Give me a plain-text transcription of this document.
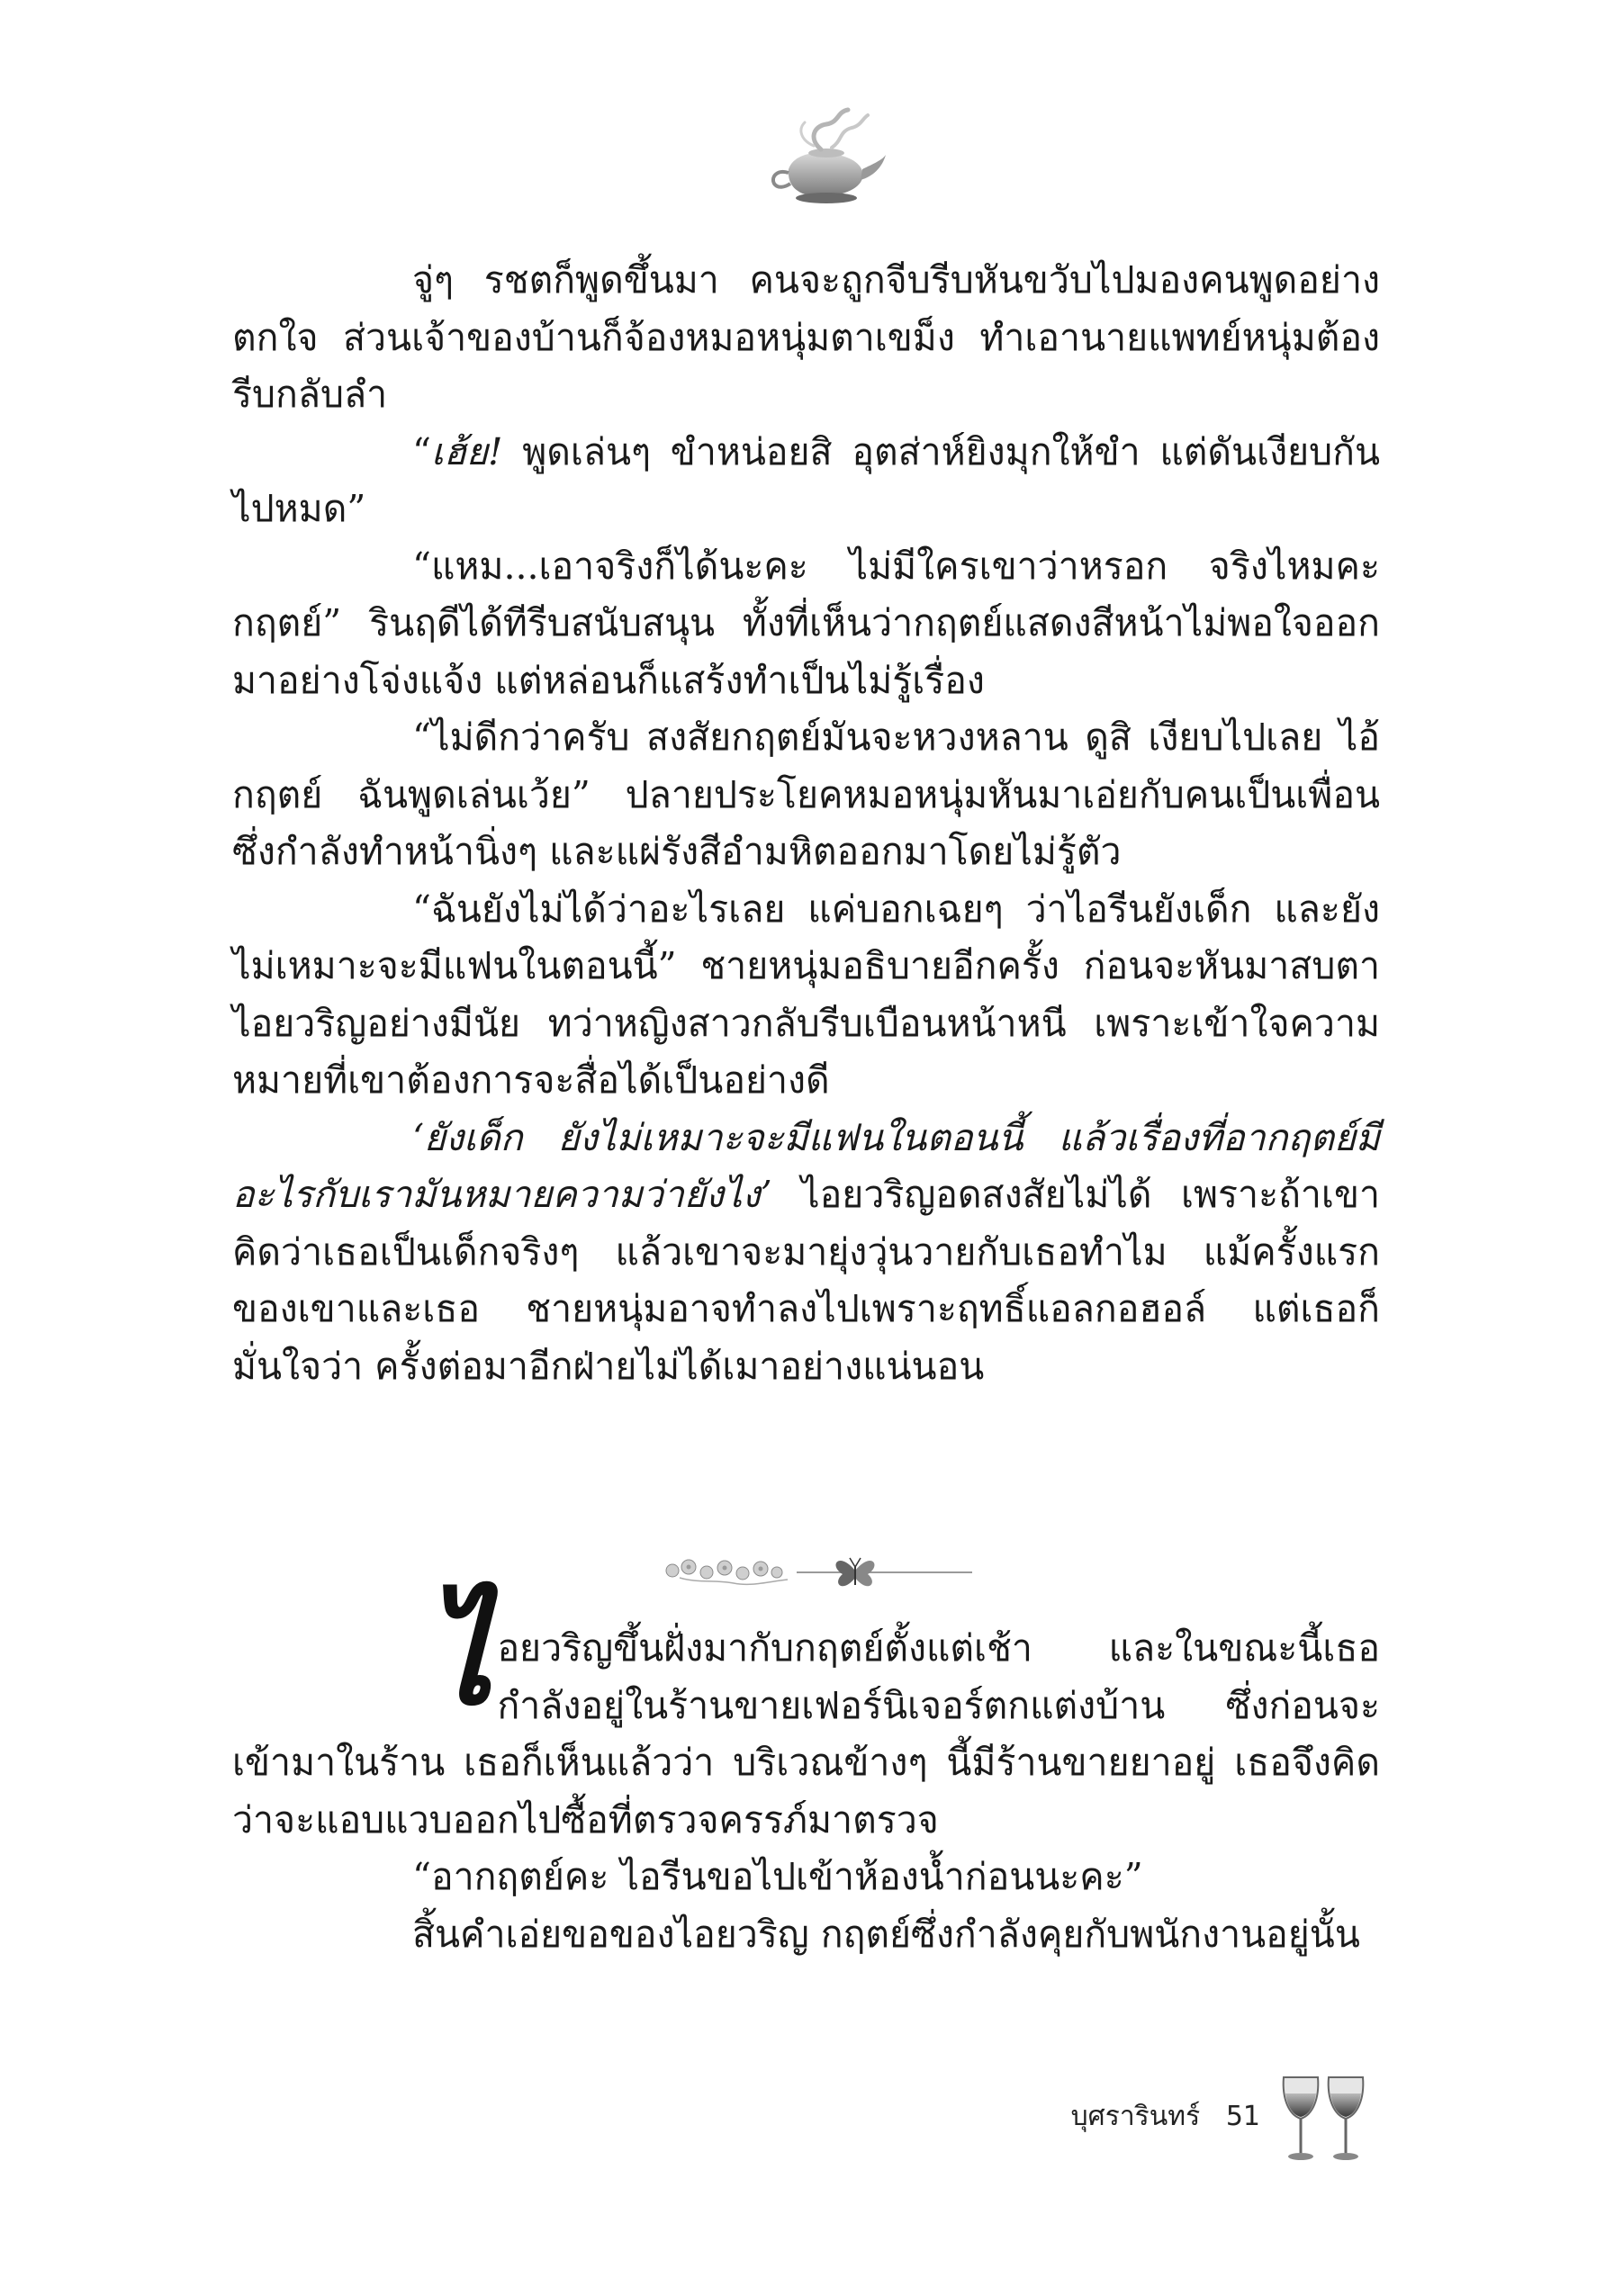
จู่ๆ รชตก็พูดขึ้นมา คนจะถูกจีบรีบหันขวับไปมองคนพูดอย่างตกใจ ส่วนเจ้าของบ้านก็จ้องหมอหนุ่มตาเขม็ง ทำเอานายแพทย์หนุ่มต้องรีบกลับลำ

“เฮ้ย! พูดเล่นๆ ขำหน่อยสิ อุตส่าห์ยิงมุกให้ขำ แต่ดันเงียบกันไปหมด”

“แหม...เอาจริงก็ได้นะคะ ไม่มีใครเขาว่าหรอก จริงไหมคะกฤตย์” รินฤดีได้ทีรีบสนับสนุน ทั้งที่เห็นว่ากฤตย์แสดงสีหน้าไม่พอใจออกมาอย่างโจ่งแจ้ง แต่หล่อนก็แสร้งทำเป็นไม่รู้เรื่อง

“ไม่ดีกว่าครับ สงสัยกฤตย์มันจะหวงหลาน ดูสิ เงียบไปเลย ไอ้กฤตย์ ฉันพูดเล่นเว้ย” ปลายประโยคหมอหนุ่มหันมาเอ่ยกับคนเป็นเพื่อน ซึ่งกำลังทำหน้านิ่งๆ และแผ่รังสีอำมหิตออกมาโดยไม่รู้ตัว

“ฉันยังไม่ได้ว่าอะไรเลย แค่บอกเฉยๆ ว่าไอรีนยังเด็ก และยังไม่เหมาะจะมีแฟนในตอนนี้” ชายหนุ่มอธิบายอีกครั้ง ก่อนจะหันมาสบตาไอยวริญอย่างมีนัย ทว่าหญิงสาวกลับรีบเบือนหน้าหนี เพราะเข้าใจความหมายที่เขาต้องการจะสื่อได้เป็นอย่างดี

‘ยังเด็ก ยังไม่เหมาะจะมีแฟนในตอนนี้ แล้วเรื่องที่อากฤตย์มีอะไรกับเรามันหมายความว่ายังไง’ ไอยวริญอดสงสัยไม่ได้ เพราะถ้าเขาคิดว่าเธอเป็นเด็กจริงๆ แล้วเขาจะมายุ่งวุ่นวายกับเธอทำไม แม้ครั้งแรกของเขาและเธอ ชายหนุ่มอาจทำลงไปเพราะฤทธิ์แอลกอฮอล์ แต่เธอก็มั่นใจว่า ครั้งต่อมาอีกฝ่ายไม่ได้เมาอย่างแน่นอน

ไอยวริญขึ้นฝั่งมากับกฤตย์ตั้งแต่เช้า และในขณะนี้เธอกำลังอยู่ในร้านขายเฟอร์นิเจอร์ตกแต่งบ้าน ซึ่งก่อนจะเข้ามาในร้าน เธอก็เห็นแล้วว่า บริเวณข้างๆ นี้มีร้านขายยาอยู่ เธอจึงคิดว่าจะแอบแวบออกไปซื้อที่ตรวจครรภ์มาตรวจ

“อากฤตย์คะ ไอรีนขอไปเข้าห้องน้ำก่อนนะคะ”

สิ้นคำเอ่ยขอของไอยวริญ กฤตย์ซึ่งกำลังคุยกับพนักงานอยู่นั้น

บุศรารินทร์ 51
